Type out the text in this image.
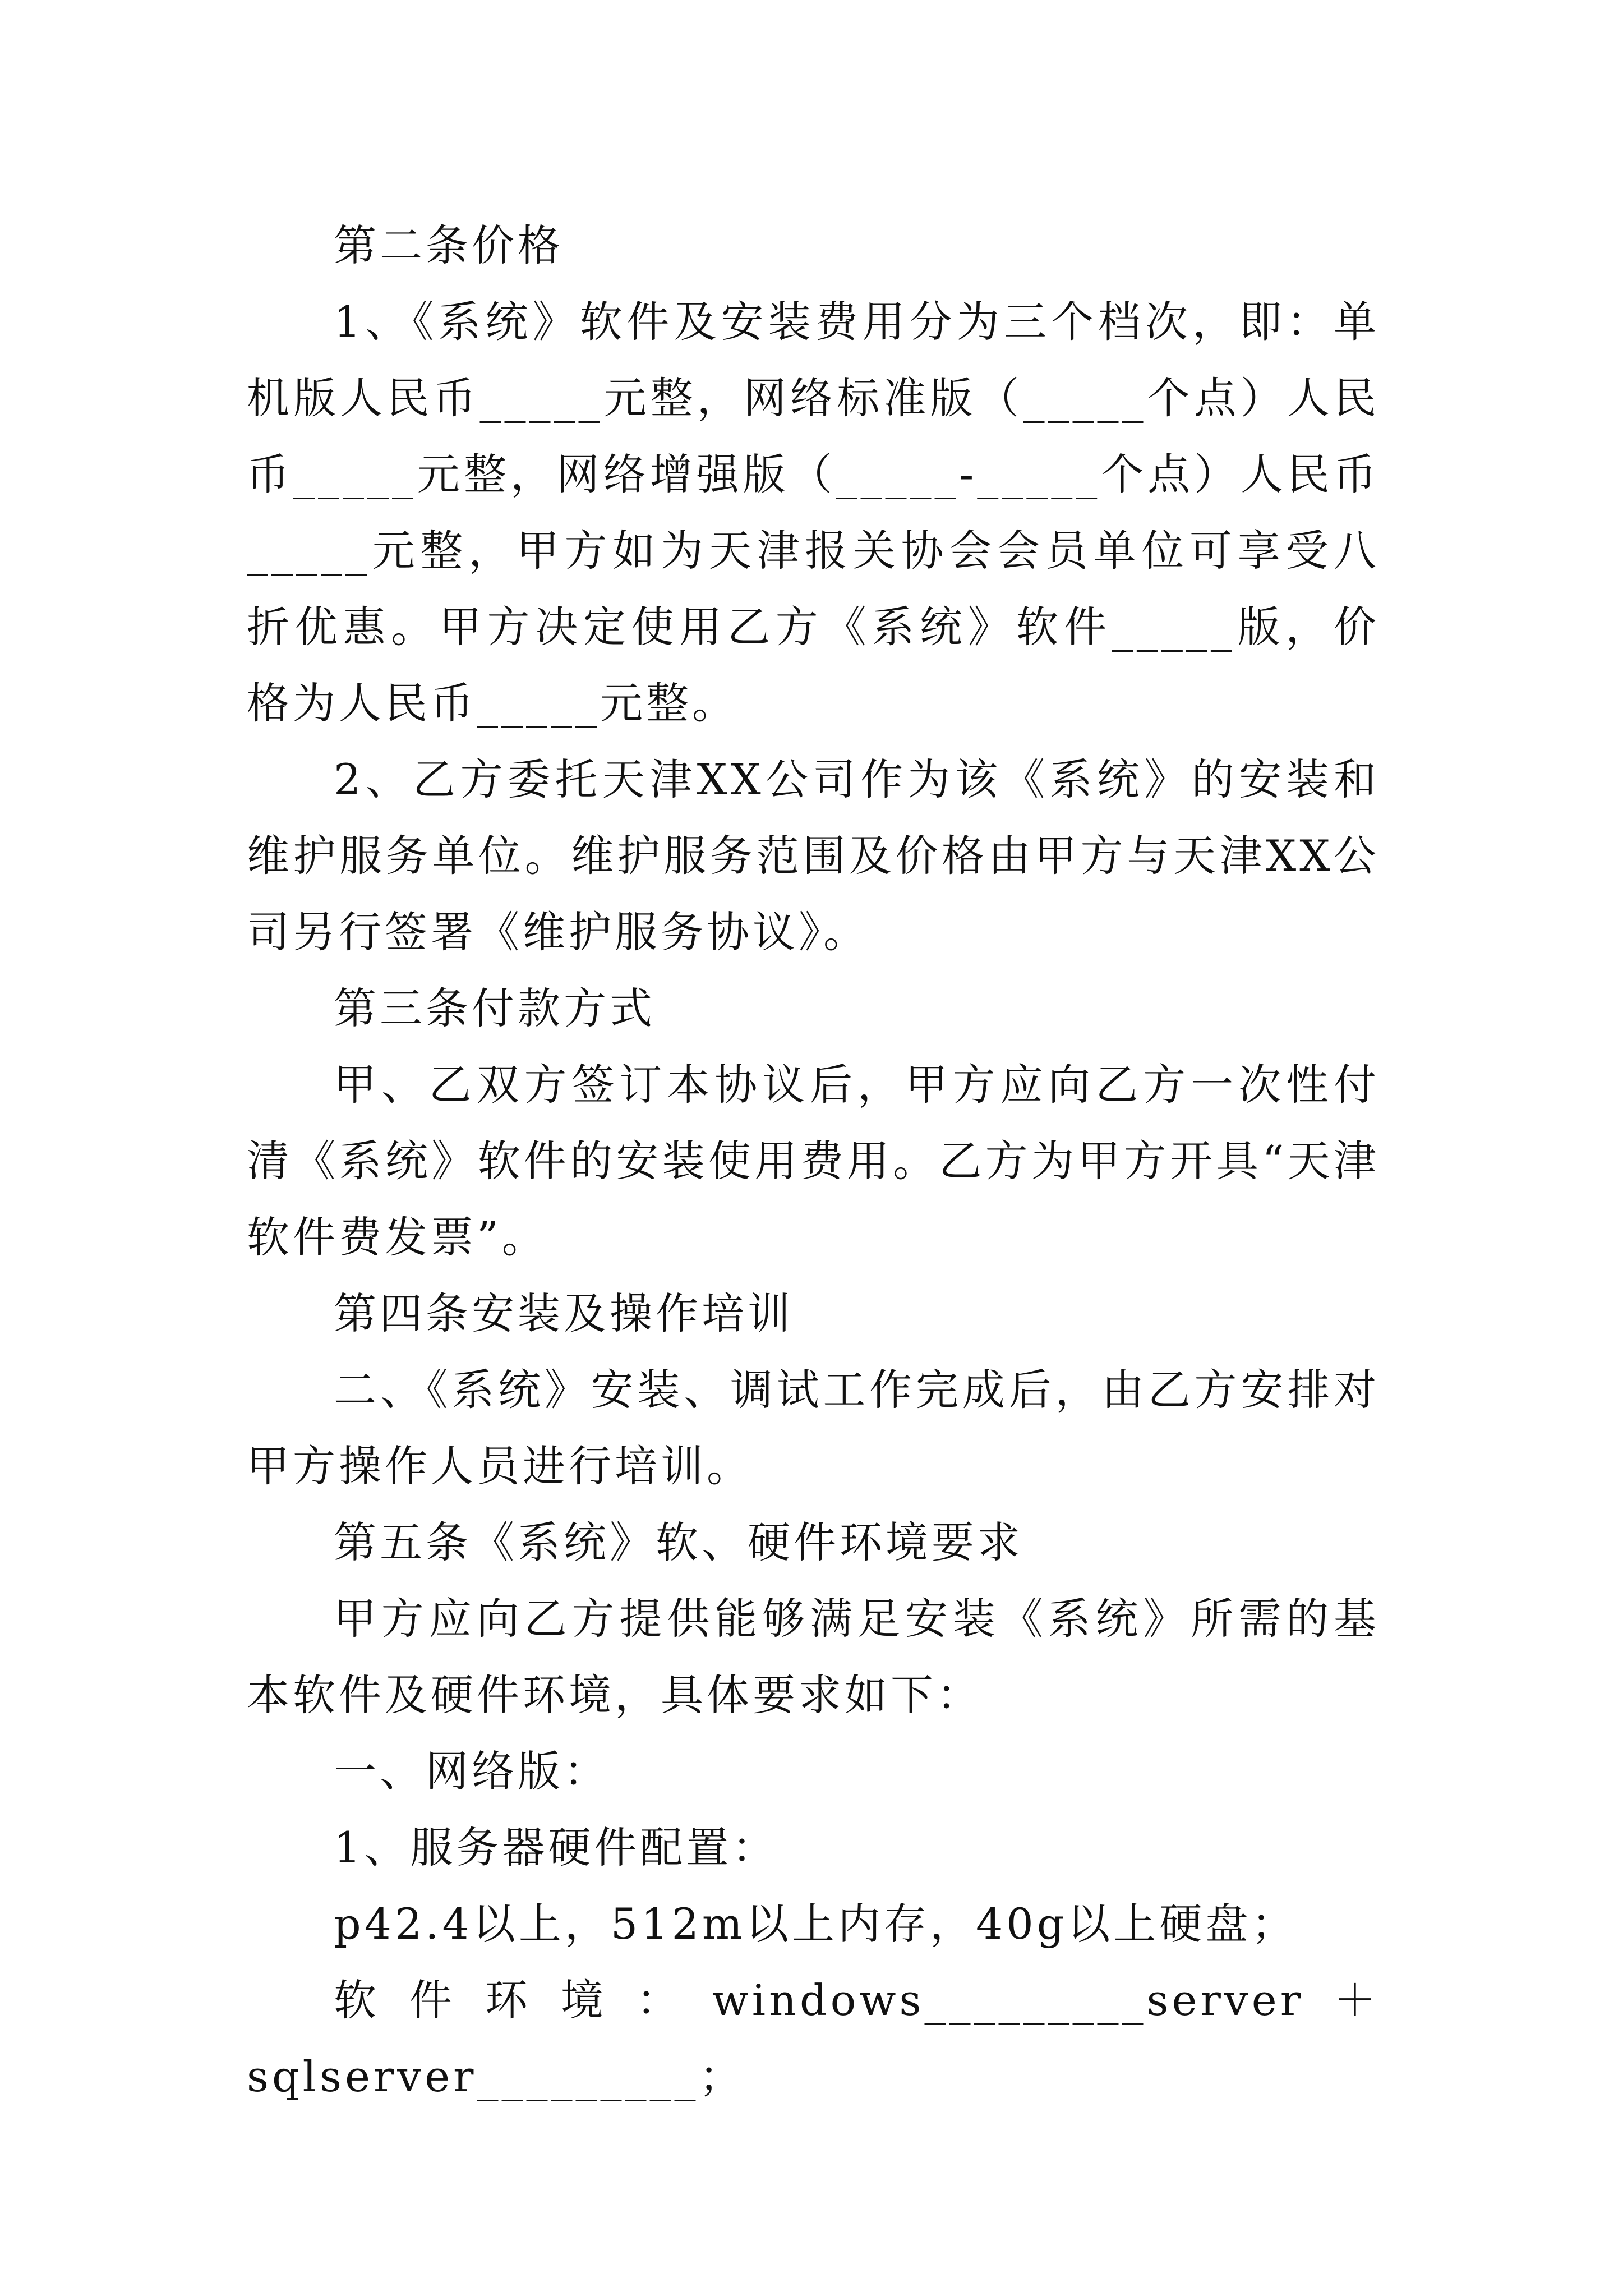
第二条价格

1、《系统》软件及安装费用分为三个档次，即：单机版人民币_____元整，网络标准版（_____个点）人民币_____元整，网络增强版（_____-_____个点）人民币_____元整，甲方如为天津报关协会会员单位可享受八折优惠。甲方决定使用乙方《系统》软件_____版，价格为人民币_____元整。

2、乙方委托天津XX公司作为该《系统》的安装和维护服务单位。维护服务范围及价格由甲方与天津XX公司另行签署《维护服务协议》。

第三条付款方式

甲、乙双方签订本协议后，甲方应向乙方一次性付清《系统》软件的安装使用费用。乙方为甲方开具“天津软件费发票”。

第四条安装及操作培训

二、《系统》安装、调试工作完成后，由乙方安排对甲方操作人员进行培训。

第五条《系统》软、硬件环境要求

甲方应向乙方提供能够满足安装《系统》所需的基本软件及硬件环境，具体要求如下：

一、网络版：

1、服务器硬件配置：

p42.4以上，512m以上内存，40g以上硬盘；

软件环境：windows_________server＋

sqlserver_________；
